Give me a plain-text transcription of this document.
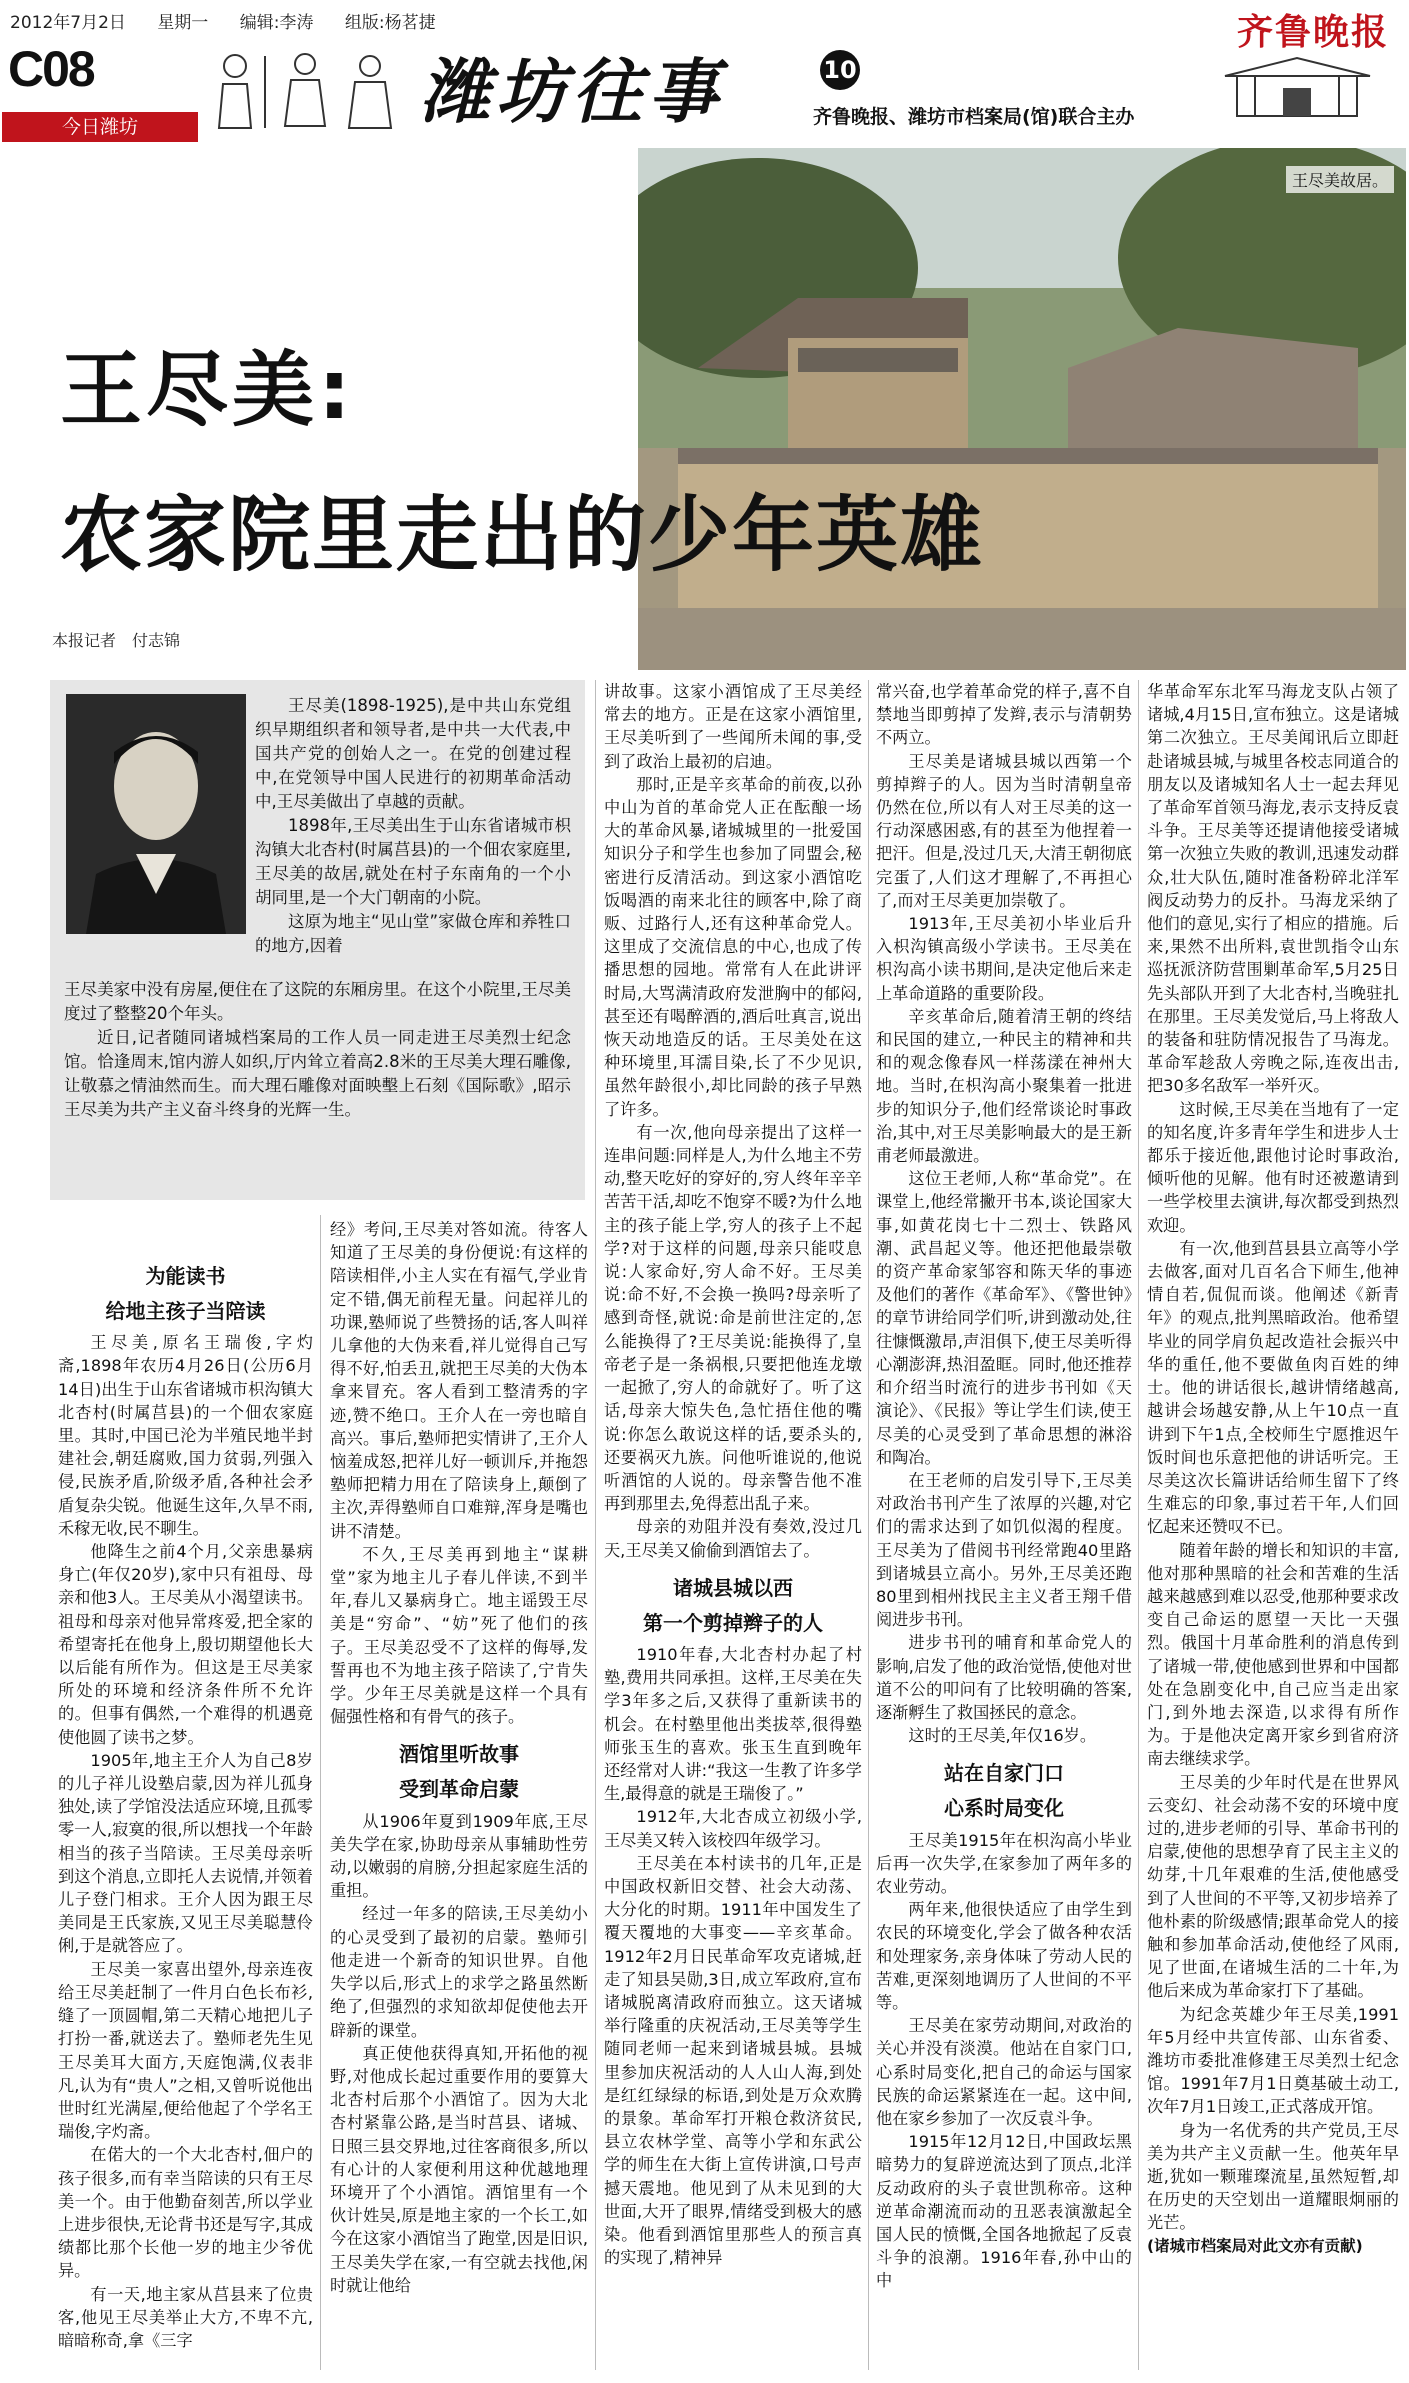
2012年7月2日 星期一 编辑:李涛 组版:杨茗捷	齐鲁晚报
C08
今日潍坊	潍坊往事	10
齐鲁晚报、潍坊市档案局(馆)联合主办
王尽美故居。
王尽美:
农家院里走出的少年英雄
本报记者　付志锦

王尽美(1898-1925),是中共山东党组织早期组织者和领导者,是中共一大代表,中国共产党的创始人之一。在党的创建过程中,在党领导中国人民进行的初期革命活动中,王尽美做出了卓越的贡献。

1898年,王尽美出生于山东省诸城市枳沟镇大北杏村(时属莒县)的一个佃农家庭里,王尽美的故居,就处在村子东南角的一个小胡同里,是一个大门朝南的小院。

这原为地主“见山堂”家做仓库和养牲口的地方,因着

王尽美家中没有房屋,便住在了这院的东厢房里。在这个小院里,王尽美度过了整整20个年头。

近日,记者随同诸城档案局的工作人员一同走进王尽美烈士纪念馆。恰逢周末,馆内游人如织,厅内耸立着高2.8米的王尽美大理石雕像,让敬慕之情油然而生。而大理石雕像对面映墼上石刻《国际歌》,昭示王尽美为共产主义奋斗终身的光辉一生。

为能读书
给地主孩子当陪读

王尽美,原名王瑞俊,字灼斋,1898年农历4月26日(公历6月14日)出生于山东省诸城市枳沟镇大北杏村(时属莒县)的一个佃农家庭里。其时,中国已沦为半殖民地半封建社会,朝廷腐败,国力贫弱,列强入侵,民族矛盾,阶级矛盾,各种社会矛盾复杂尖锐。他诞生这年,久旱不雨,禾稼无收,民不聊生。

他降生之前4个月,父亲患暴病身亡(年仅20岁),家中只有祖母、母亲和他3人。王尽美从小渴望读书。祖母和母亲对他异常疼爱,把全家的希望寄托在他身上,殷切期望他长大以后能有所作为。但这是王尽美家所处的环境和经济条件所不允许的。但事有偶然,一个难得的机遇竟使他圆了读书之梦。

1905年,地主王介人为自己8岁的儿子祥儿设塾启蒙,因为祥儿孤身独处,读了学馆没法适应环境,且孤零零一人,寂寞的很,所以想找一个年龄相当的孩子当陪读。王尽美母亲听到这个消息,立即托人去说情,并领着儿子登门相求。王介人因为跟王尽美同是王氏家族,又见王尽美聪慧伶俐,于是就答应了。

王尽美一家喜出望外,母亲连夜给王尽美赶制了一件月白色长布衫,缝了一顶圆帽,第二天精心地把儿子打扮一番,就送去了。塾师老先生见王尽美耳大面方,天庭饱满,仪表非凡,认为有“贵人”之相,又曾听说他出世时红光满屋,便给他起了个学名王瑞俊,字灼斋。

在偌大的一个大北杏村,佃户的孩子很多,而有幸当陪读的只有王尽美一个。由于他勤奋刻苦,所以学业上进步很快,无论背书还是写字,其成绩都比那个长他一岁的地主少爷优异。

有一天,地主家从莒县来了位贵客,他见王尽美举止大方,不卑不亢,暗暗称奇,拿《三字

经》考问,王尽美对答如流。待客人知道了王尽美的身份便说:有这样的陪读相伴,小主人实在有福气,学业肯定不错,偶无前程无量。问起祥儿的功课,塾师说了些赞扬的话,客人叫祥儿拿他的大伪来看,祥儿觉得自己写得不好,怕丢丑,就把王尽美的大伪本拿来冒充。客人看到工整清秀的字迹,赞不绝口。王介人在一旁也暗自高兴。事后,塾师把实情讲了,王介人恼羞成怒,把祥儿好一顿训斥,并拖怨塾师把精力用在了陪读身上,颠倒了主次,弄得塾师自口难辩,浑身是嘴也讲不清楚。

不久,王尽美再到地主“谋耕堂”家为地主儿子春儿伴读,不到半年,春儿又暴病身亡。地主谣毁王尽美是“穷命”、“妨”死了他们的孩子。王尽美忍受不了这样的侮辱,发誓再也不为地主孩子陪读了,宁肯失学。少年王尽美就是这样一个具有倔强性格和有骨气的孩子。

酒馆里听故事
受到革命启蒙

从1906年夏到1909年底,王尽美失学在家,协助母亲从事辅助性劳动,以嫩弱的肩膀,分担起家庭生活的重担。

经过一年多的陪读,王尽美幼小的心灵受到了最初的启蒙。塾师引他走进一个新奇的知识世界。自他失学以后,形式上的求学之路虽然断绝了,但强烈的求知欲却促使他去开辟新的课堂。

真正使他获得真知,开拓他的视野,对他成长起过重要作用的要算大北杏村后那个小酒馆了。因为大北杏村紧靠公路,是当时莒县、诸城、日照三县交界地,过往客商很多,所以有心计的人家便利用这种优越地理环境开了个小酒馆。酒馆里有一个伙计姓吴,原是地主家的一个长工,如今在这家小酒馆当了跑堂,因是旧识,王尽美失学在家,一有空就去找他,闲时就让他给

讲故事。这家小酒馆成了王尽美经常去的地方。正是在这家小酒馆里,王尽美听到了一些闻所未闻的事,受到了政治上最初的启迪。

那时,正是辛亥革命的前夜,以孙中山为首的革命党人正在酝酿一场大的革命风暴,诸城城里的一批爱国知识分子和学生也参加了同盟会,秘密进行反清活动。到这家小酒馆吃饭喝酒的南来北往的顾客中,除了商贩、过路行人,还有这种革命党人。这里成了交流信息的中心,也成了传播思想的园地。常常有人在此讲评时局,大骂满清政府发泄胸中的郁闷,甚至还有喝醉酒的,酒后吐真言,说出恢天动地造反的话。王尽美处在这种环境里,耳濡目染,长了不少见识,虽然年龄很小,却比同龄的孩子早熟了许多。

有一次,他向母亲提出了这样一连串问题:同样是人,为什么地主不劳动,整天吃好的穿好的,穷人终年辛辛苦苦干活,却吃不饱穿不暖?为什么地主的孩子能上学,穷人的孩子上不起学?对于这样的问题,母亲只能哎息说:人家命好,穷人命不好。王尽美说:命不好,不会换一换吗?母亲听了感到奇怪,就说:命是前世注定的,怎么能换得了?王尽美说:能换得了,皇帝老子是一条祸根,只要把他连龙墩一起掀了,穷人的命就好了。听了这话,母亲大惊失色,急忙捂住他的嘴说:你怎么敢说这样的话,要杀头的,还要祸灭九族。问他听谁说的,他说听酒馆的人说的。母亲警告他不准再到那里去,免得惹出乱子来。

母亲的劝阻并没有奏效,没过几天,王尽美又偷偷到酒馆去了。

诸城县城以西
第一个剪掉辫子的人

1910年春,大北杏村办起了村塾,费用共同承担。这样,王尽美在失学3年多之后,又获得了重新读书的机会。在村塾里他出类拔萃,很得塾师张玉生的喜欢。张玉生直到晚年还经常对人讲:“我这一生教了许多学生,最得意的就是王瑞俊了。”

1912年,大北杏成立初级小学,王尽美又转入该校四年级学习。

王尽美在本村读书的几年,正是中国政权新旧交替、社会大动荡、大分化的时期。1911年中国发生了覆天覆地的大事变——辛亥革命。1912年2月日民革命军攻克诸城,赶走了知县吴勋,3日,成立军政府,宣布诸城脱离清政府而独立。这天诸城举行隆重的庆祝活动,王尽美等学生随同老师一起来到诸城县城。县城里参加庆祝活动的人人山人海,到处是红红绿绿的标语,到处是万众欢腾的景象。革命军打开粮仓救济贫民,县立农林学堂、高等小学和东武公学的师生在大街上宣传讲演,口号声撼天震地。他见到了从未见到的大世面,大开了眼界,情绪受到极大的感染。他看到酒馆里那些人的预言真的实现了,精神异

常兴奋,也学着革命党的样子,喜不自禁地当即剪掉了发辫,表示与清朝势不两立。

王尽美是诸城县城以西第一个剪掉辫子的人。因为当时清朝皇帝仍然在位,所以有人对王尽美的这一行动深感困惑,有的甚至为他捏着一把汗。但是,没过几天,大清王朝彻底完蛋了,人们这才理解了,不再担心了,而对王尽美更加崇敬了。

1913年,王尽美初小毕业后升入枳沟镇高级小学读书。王尽美在枳沟高小读书期间,是决定他后来走上革命道路的重要阶段。

辛亥革命后,随着清王朝的终结和民国的建立,一种民主的精神和共和的观念像春风一样荡漾在神州大地。当时,在枳沟高小聚集着一批进步的知识分子,他们经常谈论时事政治,其中,对王尽美影响最大的是王新甫老师最激进。

这位王老师,人称“革命党”。在课堂上,他经常撇开书本,谈论国家大事,如黄花岗七十二烈士、铁路风潮、武昌起义等。他还把他最崇敬的资产革命家邹容和陈天华的事迹及他们的著作《革命军》、《警世钟》的章节讲给同学们听,讲到激动处,往往慷慨激昂,声泪俱下,使王尽美听得心潮澎湃,热泪盈眶。同时,他还推荐和介绍当时流行的进步书刊如《天演论》、《民报》等让学生们读,使王尽美的心灵受到了革命思想的淋浴和陶冶。

在王老师的启发引导下,王尽美对政治书刊产生了浓厚的兴趣,对它们的需求达到了如饥似渴的程度。王尽美为了借阅书刊经常跑40里路到诸城县立高小。另外,王尽美还跑80里到相州找民主主义者王翔千借阅进步书刊。

进步书刊的哺育和革命党人的影响,启发了他的政治觉悟,使他对世道不公的叩问有了比较明确的答案,逐渐孵生了救国拯民的意念。

这时的王尽美,年仅16岁。

站在自家门口
心系时局变化

王尽美1915年在枳沟高小毕业后再一次失学,在家参加了两年多的农业劳动。

两年来,他很快适应了由学生到农民的环境变化,学会了做各种农活和处理家务,亲身体味了劳动人民的苦难,更深刻地调历了人世间的不平等。

王尽美在家劳动期间,对政治的关心并没有淡漠。他站在自家门口,心系时局变化,把自己的命运与国家民族的命运紧紧连在一起。这中间,他在家乡参加了一次反袁斗争。

1915年12月12日,中国政坛黑暗势力的复辟逆流达到了顶点,北洋反动政府的头子袁世凯称帝。这种逆革命潮流而动的丑恶表演激起全国人民的愤慨,全国各地掀起了反袁斗争的浪潮。1916年春,孙中山的中

华革命军东北军马海龙支队占领了诸城,4月15日,宣布独立。这是诸城第二次独立。王尽美闻讯后立即赶赴诸城县城,与城里各校志同道合的朋友以及诸城知名人士一起去拜见了革命军首领马海龙,表示支持反袁斗争。王尽美等还提请他接受诸城第一次独立失败的教训,迅速发动群众,壮大队伍,随时准备粉碎北洋军阀反动势力的反扑。马海龙采纳了他们的意见,实行了相应的措施。后来,果然不出所料,袁世凯指令山东巡抚派济防营围剿革命军,5月25日先头部队开到了大北杏村,当晚驻扎在那里。王尽美发觉后,马上将敌人的装备和驻防情况报告了马海龙。革命军趁敌人旁晚之际,连夜出击,把30多名敌军一举歼灭。

这时候,王尽美在当地有了一定的知名度,许多青年学生和进步人士都乐于接近他,跟他讨论时事政治,倾听他的见解。他有时还被邀请到一些学校里去演讲,每次都受到热烈欢迎。

有一次,他到莒县县立高等小学去做客,面对几百名合下师生,他神情自若,侃侃而谈。他阐述《新青年》的观点,批判黑暗政治。他希望毕业的同学肩负起改造社会振兴中华的重任,他不要做鱼肉百姓的绅士。他的讲话很长,越讲情绪越高,越讲会场越安静,从上午10点一直讲到下午1点,全校师生宁愿推迟午饭时间也乐意把他的讲话听完。王尽美这次长篇讲话给师生留下了终生难忘的印象,事过若干年,人们回忆起来还赞叹不已。

随着年龄的增长和知识的丰富,他对那种黑暗的社会和苦难的生活越来越感到难以忍受,他那种要求改变自己命运的愿望一天比一天强烈。俄国十月革命胜利的消息传到了诸城一带,使他感到世界和中国都处在急剧变化中,自己应当走出家门,到外地去深造,以求得有所作为。于是他决定离开家乡到省府济南去继续求学。

王尽美的少年时代是在世界风云变幻、社会动荡不安的环境中度过的,进步老师的引导、革命书刊的启蒙,使他的思想孕育了民主主义的幼芽,十几年艰难的生活,使他感受到了人世间的不平等,又初步培养了他朴素的阶级感情;跟革命党人的接触和参加革命活动,使他经了风雨,见了世面,在诸城生活的二十年,为他后来成为革命家打下了基础。

为纪念英雄少年王尽美,1991年5月经中共宣传部、山东省委、潍坊市委批准修建王尽美烈士纪念馆。1991年7月1日奠基破土动工,次年7月1日竣工,正式落成开馆。

身为一名优秀的共产党员,王尽美为共产主义贡献一生。他英年早逝,犹如一颗璀璨流星,虽然短暂,却在历史的天空划出一道耀眼炯丽的光芒。

(诸城市档案局对此文亦有贡献)
